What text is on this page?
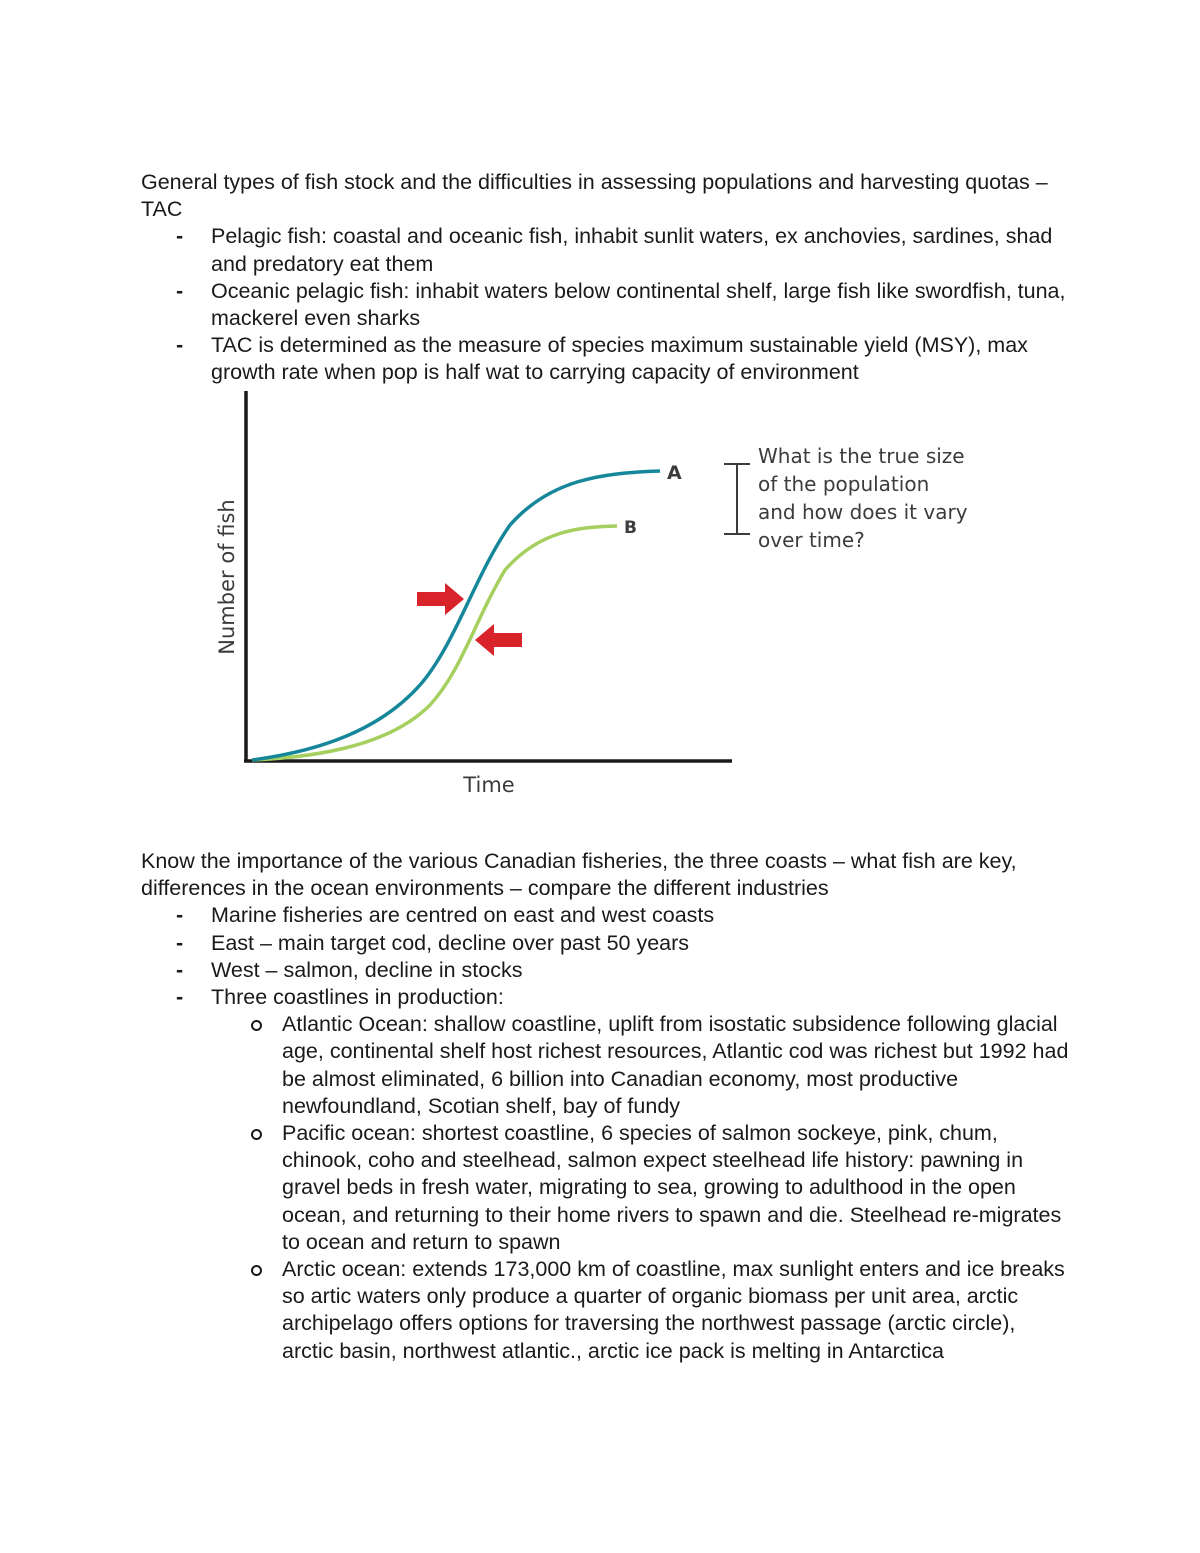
General types of fish stock and the difficulties in assessing populations and harvesting quotas – TAC
- Pelagic fish: coastal and oceanic fish, inhabit sunlit waters, ex anchovies, sardines, shad and predatory eat them
- Oceanic pelagic fish: inhabit waters below continental shelf, large fish like swordfish, tuna, mackerel even sharks
- TAC is determined as the measure of species maximum sustainable yield (MSY), max growth rate when pop is half wat to carrying capacity of environment
Number of fish
Time
A
B
What is the true size of the population and how does it vary over time?
Know the importance of the various Canadian fisheries, the three coasts – what fish are key, differences in the ocean environments – compare the different industries
- Marine fisheries are centred on east and west coasts
- East – main target cod, decline over past 50 years
- West – salmon, decline in stocks
- Three coastlines in production:
Atlantic Ocean: shallow coastline, uplift from isostatic subsidence following glacial age, continental shelf host richest resources, Atlantic cod was richest but 1992 had be almost eliminated, 6 billion into Canadian economy, most productive newfoundland, Scotian shelf, bay of fundy
Pacific ocean: shortest coastline, 6 species of salmon sockeye, pink, chum, chinook, coho and steelhead, salmon expect steelhead life history: pawning in gravel beds in fresh water, migrating to sea, growing to adulthood in the open ocean, and returning to their home rivers to spawn and die. Steelhead re-migrates to ocean and return to spawn
Arctic ocean: extends 173,000 km of coastline, max sunlight enters and ice breaks so artic waters only produce a quarter of organic biomass per unit area, arctic archipelago offers options for traversing the northwest passage (arctic circle), arctic basin, northwest atlantic., arctic ice pack is melting in Antarctica
